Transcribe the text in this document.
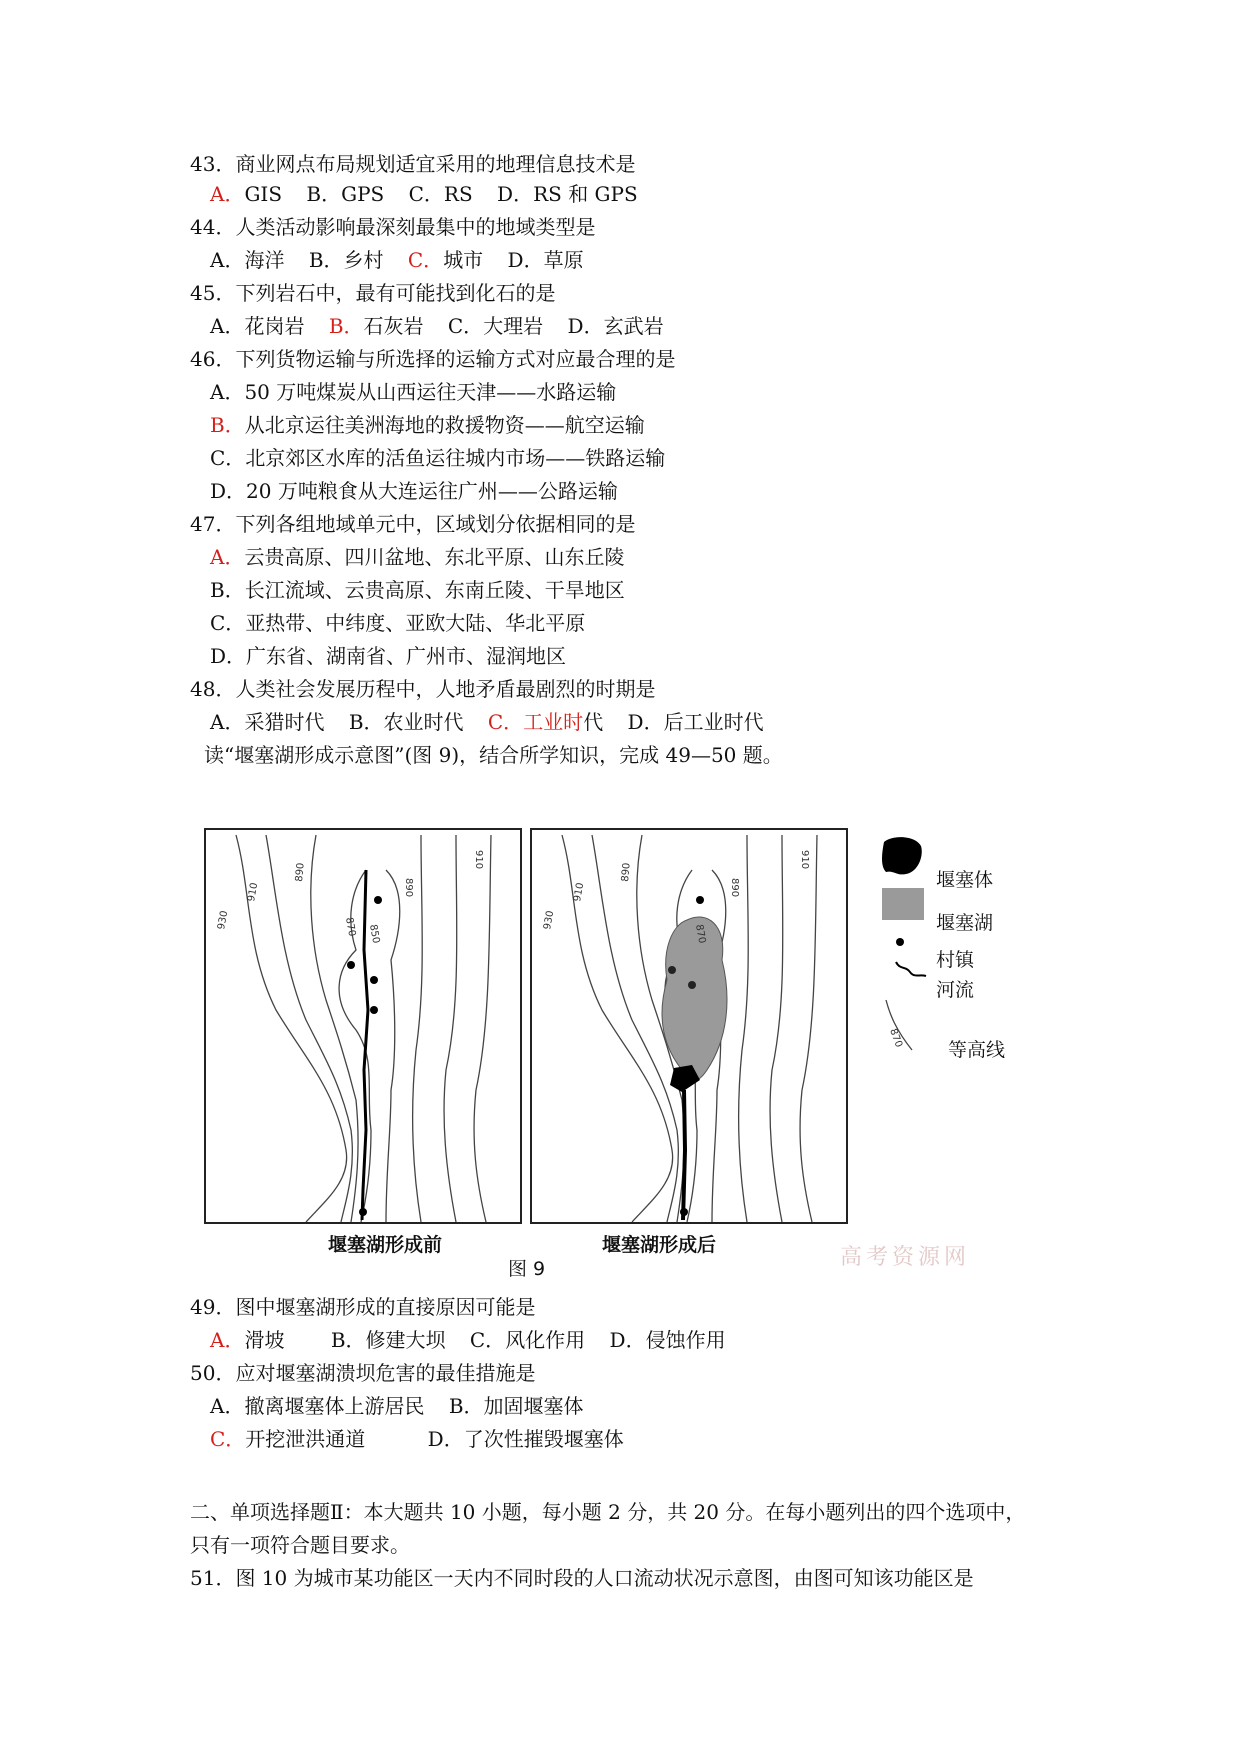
43．商业网点布局规划适宜采用的地理信息技术是
A．GIS B．GPS C．RS D．RS 和 GPS
44．人类活动影响最深刻最集中的地域类型是
A．海洋 B．乡村 C．城市 D．草原
45．下列岩石中，最有可能找到化石的是
A．花岗岩 B．石灰岩 C．大理岩 D．玄武岩
46．下列货物运输与所选择的运输方式对应最合理的是
A．50 万吨煤炭从山西运往天津——水路运输
B．从北京运往美洲海地的救援物资——航空运输
C．北京郊区水库的活鱼运往城内市场——铁路运输
D．20 万吨粮食从大连运往广州——公路运输
47．下列各组地域单元中，区域划分依据相同的是
A．云贵高原、四川盆地、东北平原、山东丘陵
B．长江流域、云贵高原、东南丘陵、干旱地区
C．亚热带、中纬度、亚欧大陆、华北平原
D．广东省、湖南省、广州市、湿润地区
48．人类社会发展历程中，人地矛盾最剧烈的时期是
A．采猎时代 B．农业时代 C．工业时代 D．后工业时代
读“堰塞湖形成示意图”(图 9)，结合所学知识，完成 49—50 题。
930
910
890
870 850
890
910
930
910
890
870
890
910
870
堰塞体
堰塞湖
村镇
河流
等高线
堰塞湖形成前	堰塞湖形成后
图 9	高考资源网
49．图中堰塞湖形成的直接原因可能是
A．滑坡 B．修建大坝 C．风化作用 D．侵蚀作用
50．应对堰塞湖溃坝危害的最佳措施是
A．撤离堰塞体上游居民 B．加固堰塞体
C．开挖泄洪通道	D．了次性摧毁堰塞体
二、单项选择题Ⅱ：本大题共 10 小题，每小题 2 分，共 20 分。在每小题列出的四个选项中，
只有一项符合题目要求。
51．图 10 为城市某功能区一天内不同时段的人口流动状况示意图，由图可知该功能区是
